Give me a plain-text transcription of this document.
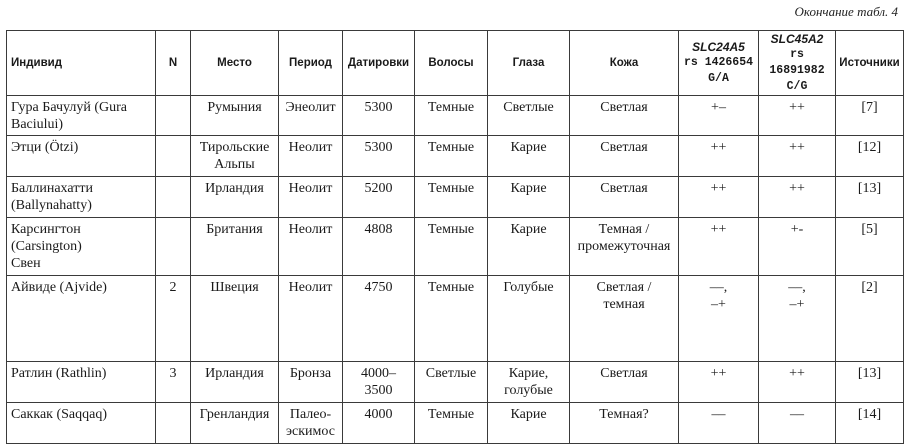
Окончание табл. 4
Индивид	N	Место	Период	Датировки	Волосы	Глаза	Кожа	SLC24A5
rs 1426654
G/A	SLC45A2
rs 16891982
C/G	Источники

Гура Бачулуй (Gura
Baciului)		Румыния	Энеолит	5300	Темные	Светлые	Светлая	+–	++	[7]

Этци (Ötzi)		Тирольские
Альпы	Неолит	5300	Темные	Карие	Светлая	++	++	[12]

Баллинахатти
(Ballynahatty)		Ирландия	Неолит	5200	Темные	Карие	Светлая	++	++	[13]

Карсингтон
(Carsington)
Свен		Британия	Неолит	4808	Темные	Карие	Темная /
промежуточная	++	+-	[5]

Айвиде (Ajvide)	2	Швеция	Неолит	4750	Темные	Голубые	Светлая /
темная	––,
–+	––,
–+	[2]

Ратлин (Rathlin)	3	Ирландия	Бронза	4000–
3500	Светлые	Карие,
голубые	Светлая	++	++	[13]

Саккак (Saqqaq)		Гренландия	Палео-
эскимос	4000	Темные	Карие	Темная?	––	––	[14]
